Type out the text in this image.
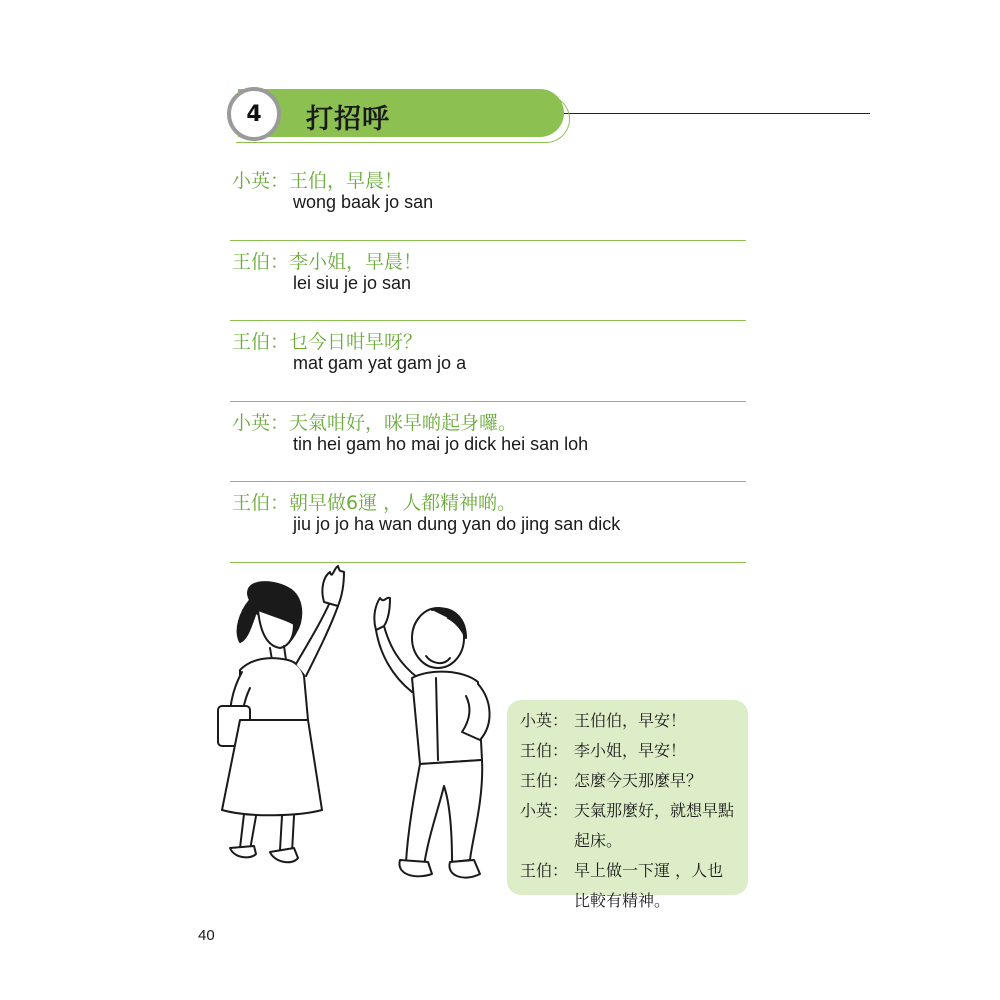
4 打招呼
小英：王伯，早晨！
wong baak jo san
王伯：李小姐，早晨！
lei siu je jo san
王伯：乜今日咁早呀？
mat gam yat gam jo a
小英：天氣咁好，咪早啲起身囉。
tin hei gam ho mai jo dick hei san loh
王伯：朝早做6運 ，人都精神啲。
jiu jo jo ha wan dung yan do jing san dick
小英： 王伯伯，早安！
王伯： 李小姐，早安！
王伯： 怎麼今天那麼早？
小英： 天氣那麼好，就想早點起床。
王伯： 早上做一下運 ，人也比較有精神。
40
